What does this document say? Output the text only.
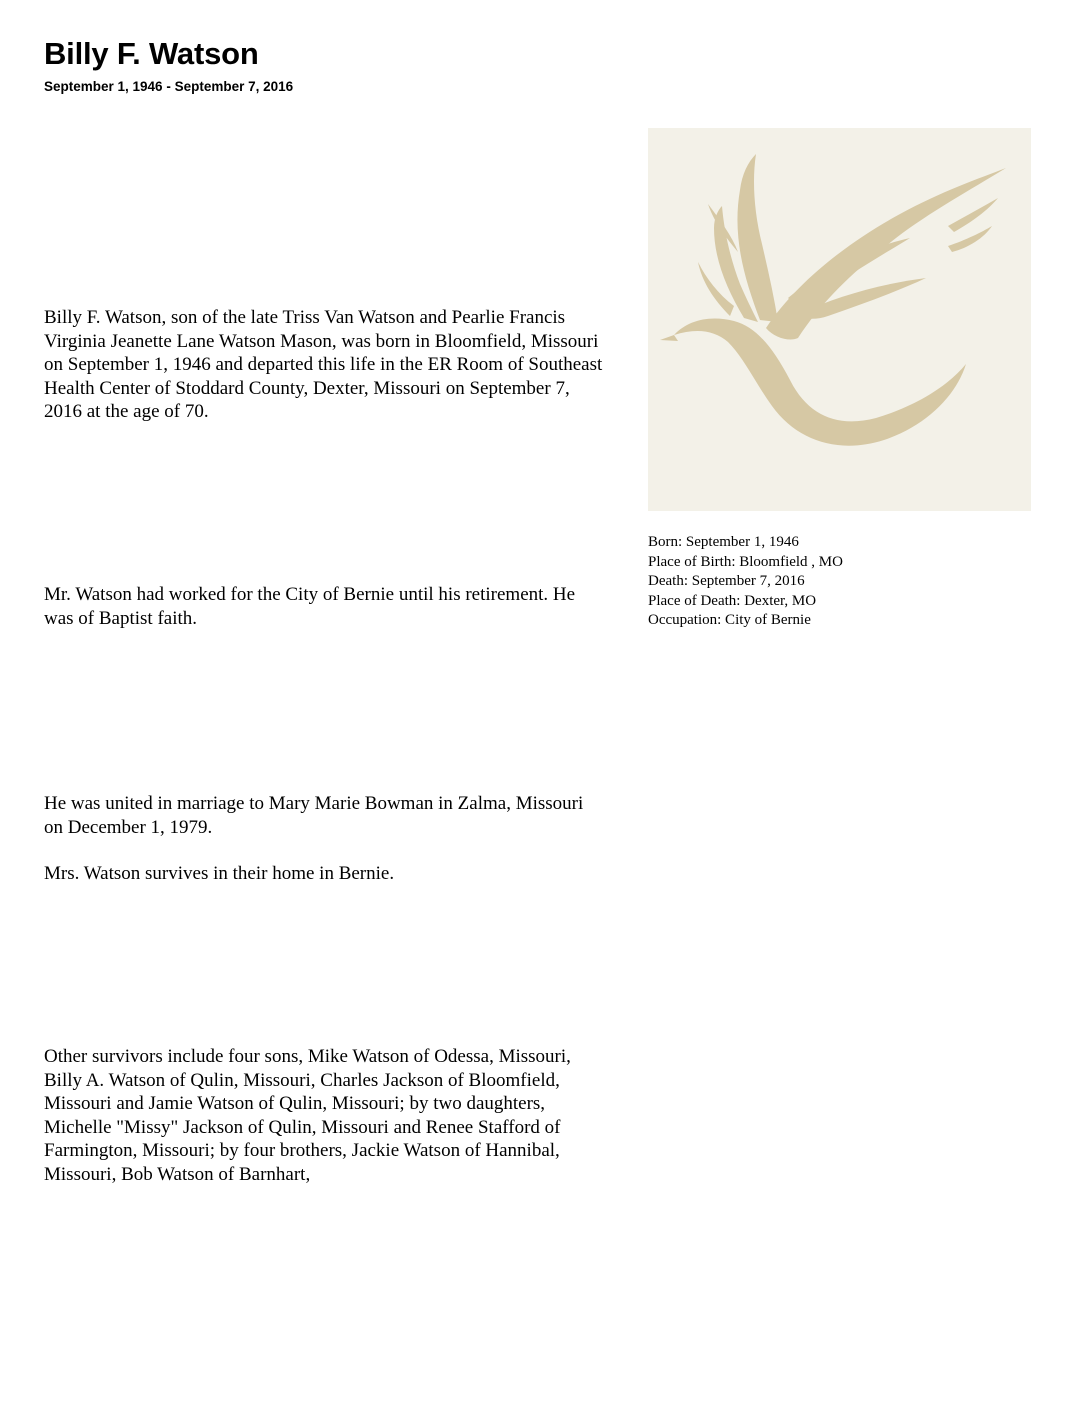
Billy F. Watson
September 1, 1946 - September 7, 2016

Billy F. Watson, son of the late Triss Van Watson and Pearlie Francis Virginia Jeanette Lane Watson Mason, was born in Bloomfield, Missouri on September 1, 1946 and departed this life in the ER Room of Southeast Health Center of Stoddard County, Dexter, Missouri on September 7, 2016 at the age of 70.

Mr. Watson had worked for the City of Bernie until his retirement. He was of Baptist faith.

He was united in marriage to Mary Marie Bowman in Zalma, Missouri on December 1, 1979.

Mrs. Watson survives in their home in Bernie.

Other survivors include four sons, Mike Watson of Odessa, Missouri, Billy A. Watson of Qulin, Missouri, Charles Jackson of Bloomfield, Missouri and Jamie Watson of Qulin, Missouri; by two daughters, Michelle "Missy" Jackson of Qulin, Missouri and Renee Stafford of Farmington, Missouri; by four brothers, Jackie Watson of Hannibal, Missouri, Bob Watson of Barnhart,

Born: September 1, 1946
Place of Birth: Bloomfield , MO
Death: September 7, 2016
Place of Death: Dexter, MO
Occupation: City of Bernie
